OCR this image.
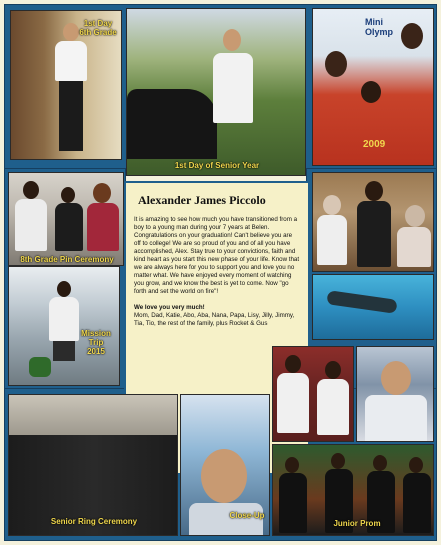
1st Day
6th Grade
1st Day of Senior Year
Mini
Olymp
2009
8th Grade Pin Ceremony
Mission
Trip
2015
Alexander James Piccolo
It is amazing to see how much you have transitioned from a boy to a young man during your 7 years at Belen. Congratulations on your graduation! Can't believe you are off to college! We are so proud of you and of all you have accomplished, Alex. Stay true to your convictions, faith and kind heart as you start this new phase of your life. Know that we are always here for you to support you and love you no matter what. We have enjoyed every moment of watching you grow, and we know the best is yet to come. Now "go forth and set the world on fire"!
We love you very much!
Mom, Dad, Katie, Abo, Aba, Nana, Papa, Lisy, Jilly, Jimmy, Tia, Tio, the rest of the family, plus Rocket & Gus
Senior Ring Ceremony
Close-Up
Junior Prom
